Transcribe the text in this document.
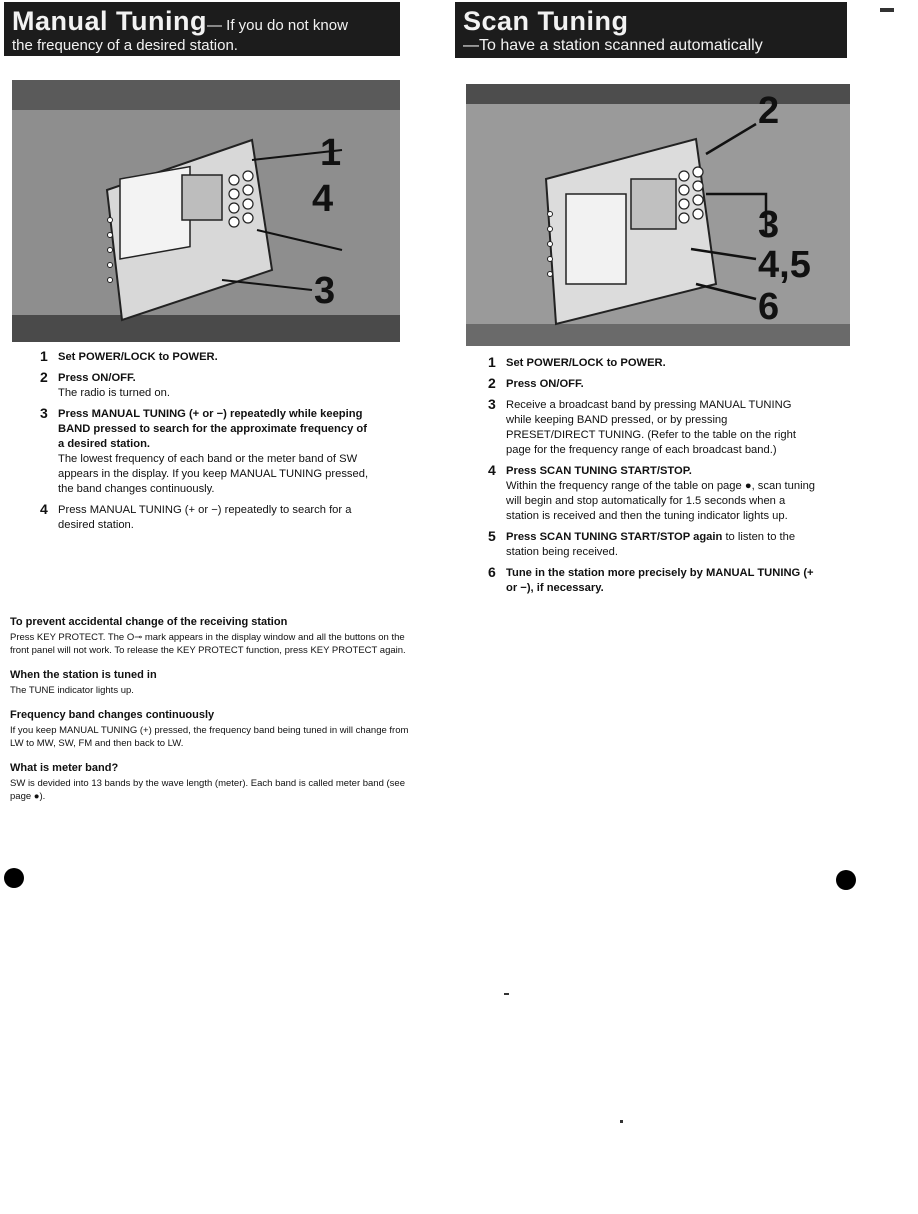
Manual Tuning— If you do not know
the frequency of a desired station.
Scan Tuning
—To have a station scanned automatically
1
4
3
2
3
4,5
6
1 Set POWER/LOCK to POWER.
2 Press ON/OFF.
The radio is turned on.
3 Press MANUAL TUNING (+ or −) repeatedly while keeping BAND pressed to search for the approximate frequency of a desired station.
The lowest frequency of each band or the meter band of SW appears in the display. If you keep MANUAL TUNING pressed, the band changes continuously.
4 Press MANUAL TUNING (+ or −) repeatedly to search for a desired station.
1 Set POWER/LOCK to POWER.
2 Press ON/OFF.
3 Receive a broadcast band by pressing MANUAL TUNING while keeping BAND pressed, or by pressing PRESET/DIRECT TUNING. (Refer to the table on the right page for the frequency range of each broadcast band.)
4 Press SCAN TUNING START/STOP.
Within the frequency range of the table on page ●, scan tuning will begin and stop automatically for 1.5 seconds when a station is received and then the tuning indicator lights up.
5 Press SCAN TUNING START/STOP again to listen to the station being received.
6 Tune in the station more precisely by MANUAL TUNING (+ or −), if necessary.
To prevent accidental change of the receiving station
Press KEY PROTECT. The O⊸ mark appears in the display window and all the buttons on the front panel will not work. To release the KEY PROTECT function, press KEY PROTECT again.
When the station is tuned in
The TUNE indicator lights up.
Frequency band changes continuously
If you keep MANUAL TUNING (+) pressed, the frequency band being tuned in will change from LW to MW, SW, FM and then back to LW.
What is meter band?
SW is devided into 13 bands by the wave length (meter). Each band is called meter band (see page ●).
